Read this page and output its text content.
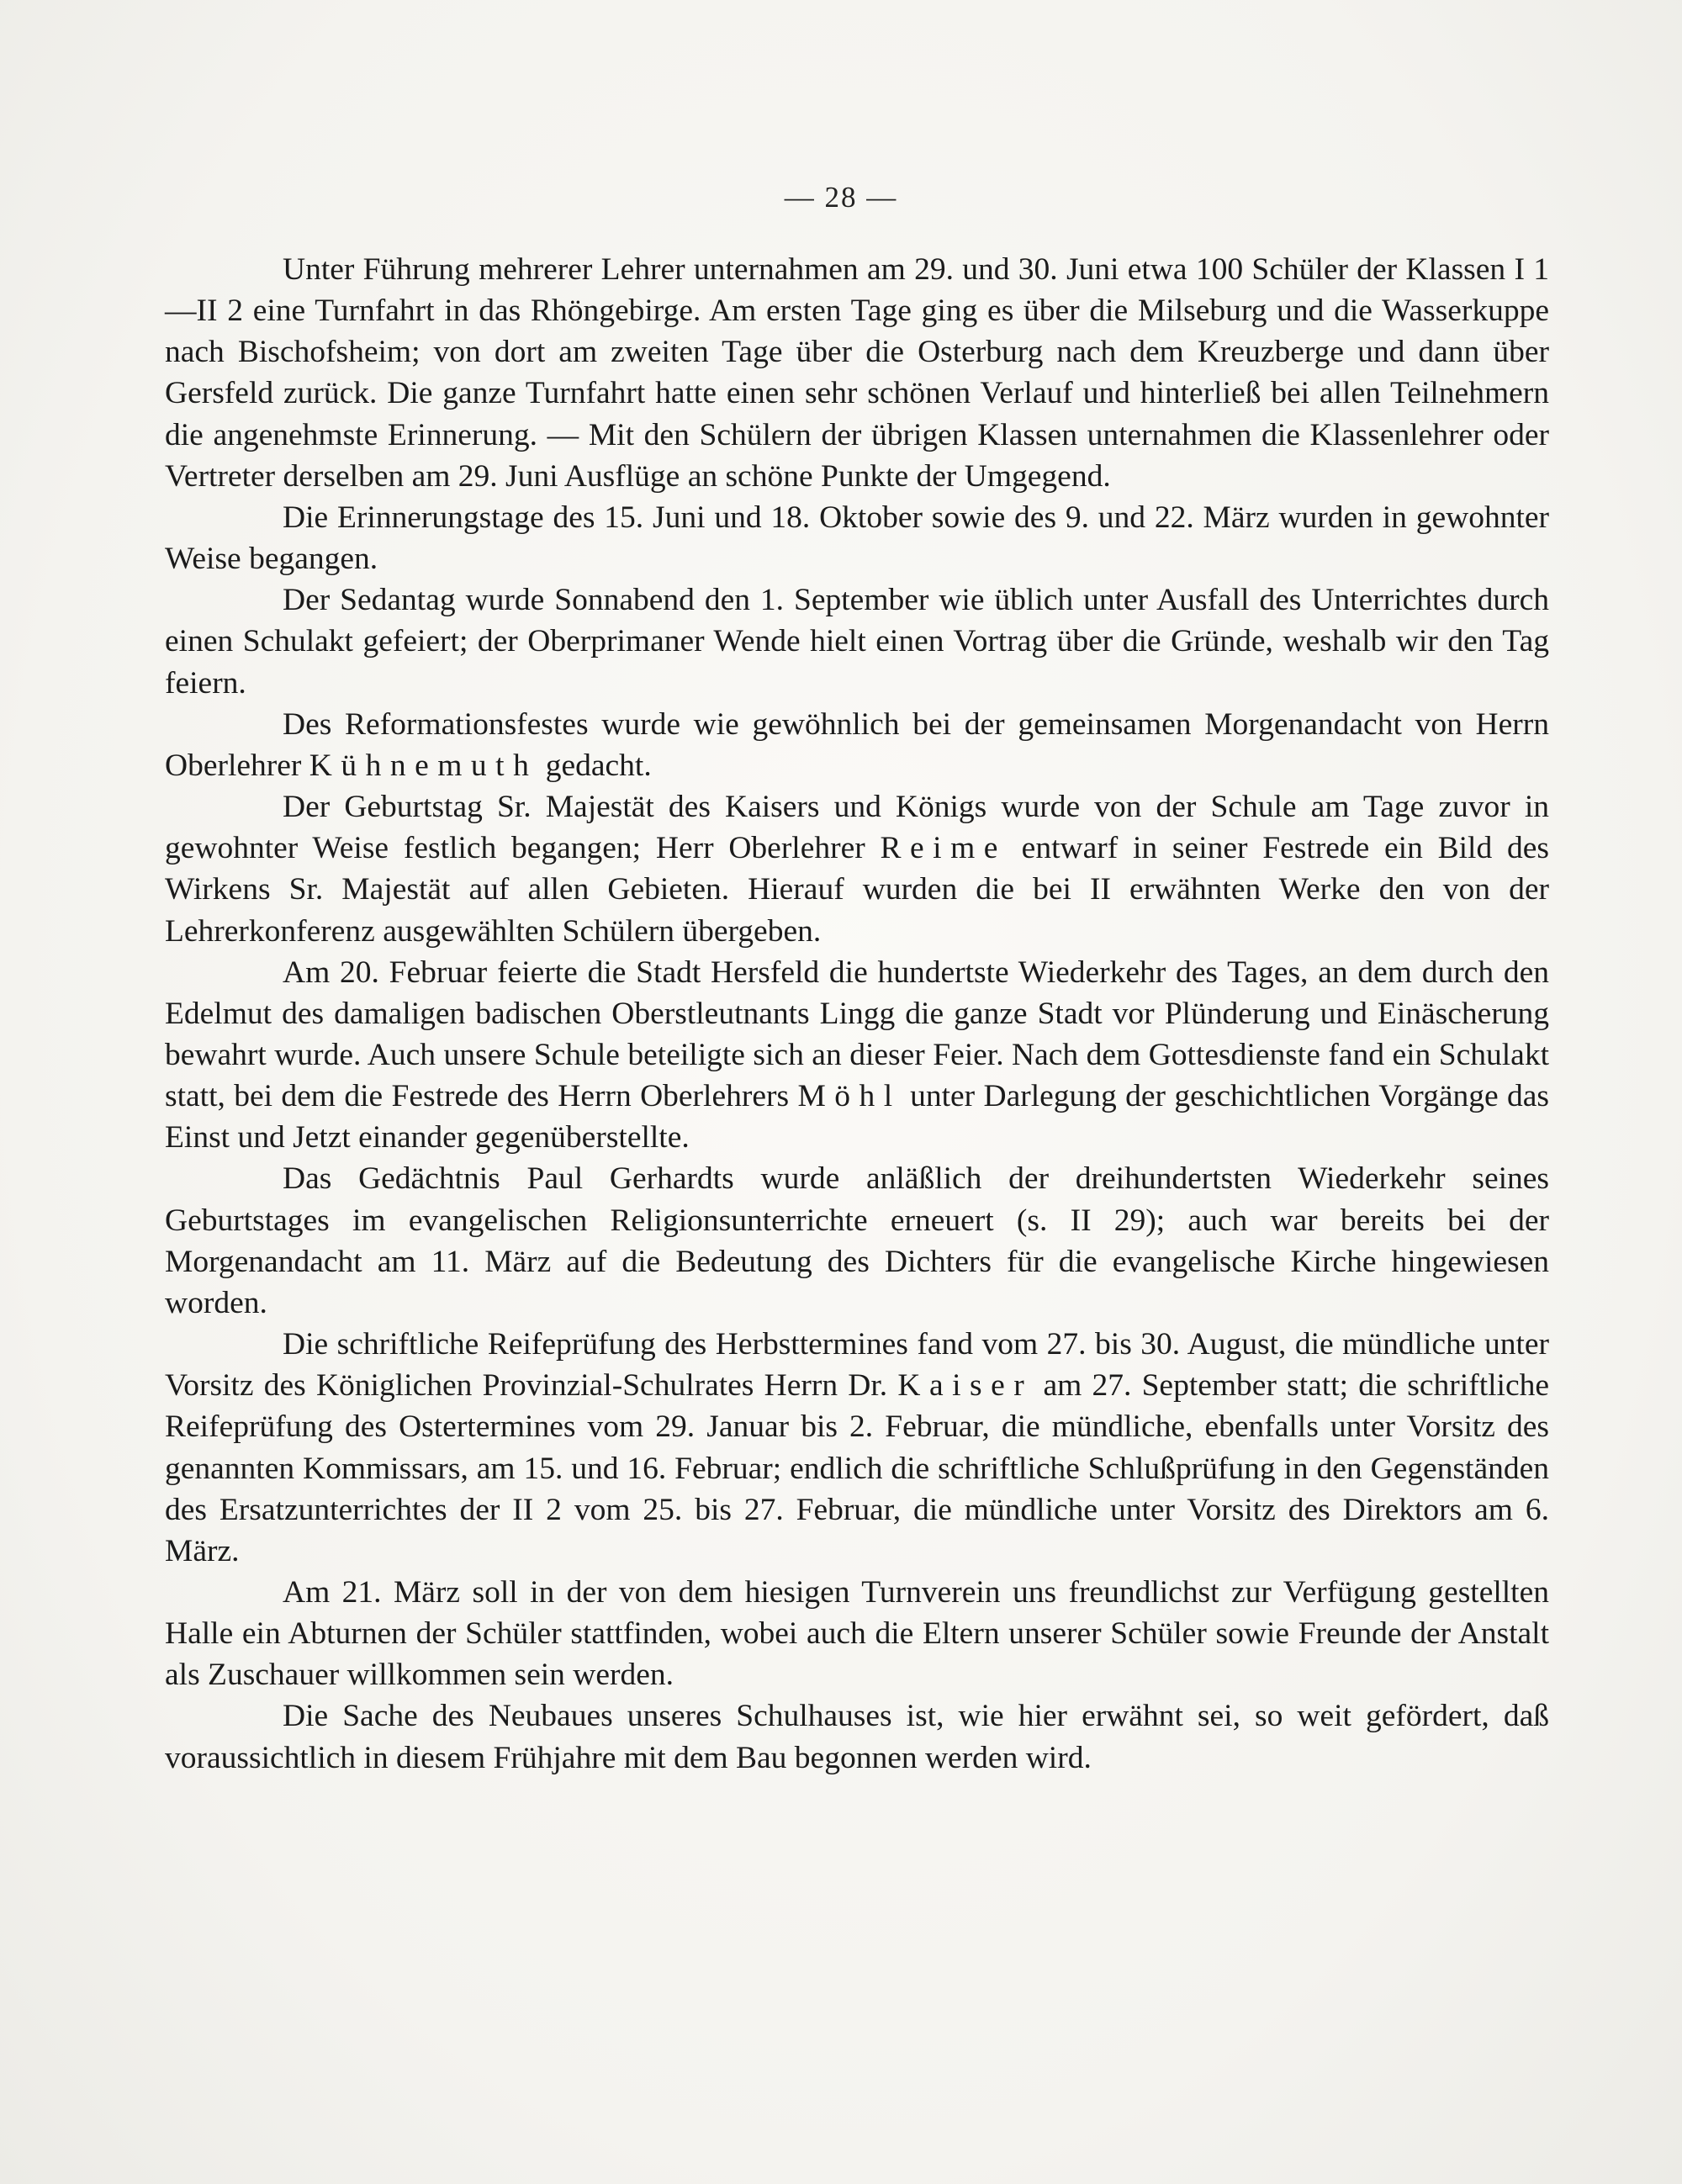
— 28 —

Unter Führung mehrerer Lehrer unternahmen am 29. und 30. Juni etwa 100 Schüler der Klassen I 1—II 2 eine Turnfahrt in das Rhöngebirge. Am ersten Tage ging es über die Milseburg und die Wasserkuppe nach Bischofsheim; von dort am zweiten Tage über die Osterburg nach dem Kreuzberge und dann über Gersfeld zurück. Die ganze Turnfahrt hatte einen sehr schönen Verlauf und hinterließ bei allen Teilnehmern die angenehmste Erinnerung. — Mit den Schülern der übrigen Klassen unternahmen die Klassenlehrer oder Vertreter derselben am 29. Juni Ausflüge an schöne Punkte der Umgegend.

Die Erinnerungstage des 15. Juni und 18. Oktober sowie des 9. und 22. März wurden in gewohnter Weise begangen.

Der Sedantag wurde Sonnabend den 1. September wie üblich unter Ausfall des Unterrichtes durch einen Schulakt gefeiert; der Oberprimaner Wende hielt einen Vortrag über die Gründe, weshalb wir den Tag feiern.

Des Reformationsfestes wurde wie gewöhnlich bei der gemeinsamen Morgenandacht von Herrn Oberlehrer Kühnemuth gedacht.

Der Geburtstag Sr. Majestät des Kaisers und Königs wurde von der Schule am Tage zuvor in gewohnter Weise festlich begangen; Herr Oberlehrer Reime entwarf in seiner Festrede ein Bild des Wirkens Sr. Majestät auf allen Gebieten. Hierauf wurden die bei II erwähnten Werke den von der Lehrerkonferenz ausgewählten Schülern übergeben.

Am 20. Februar feierte die Stadt Hersfeld die hundertste Wiederkehr des Tages, an dem durch den Edelmut des damaligen badischen Oberstleutnants Lingg die ganze Stadt vor Plünderung und Einäscherung bewahrt wurde. Auch unsere Schule beteiligte sich an dieser Feier. Nach dem Gottesdienste fand ein Schulakt statt, bei dem die Festrede des Herrn Oberlehrers Möhl unter Darlegung der geschichtlichen Vorgänge das Einst und Jetzt einander gegenüberstellte.

Das Gedächtnis Paul Gerhardts wurde anläßlich der dreihundertsten Wiederkehr seines Geburtstages im evangelischen Religionsunterrichte erneuert (s. II 29); auch war bereits bei der Morgenandacht am 11. März auf die Bedeutung des Dichters für die evangelische Kirche hingewiesen worden.

Die schriftliche Reifeprüfung des Herbsttermines fand vom 27. bis 30. August, die mündliche unter Vorsitz des Königlichen Provinzial-Schulrates Herrn Dr. Kaiser am 27. September statt; die schriftliche Reifeprüfung des Ostertermines vom 29. Januar bis 2. Februar, die mündliche, ebenfalls unter Vorsitz des genannten Kommissars, am 15. und 16. Februar; endlich die schriftliche Schlußprüfung in den Gegenständen des Ersatzunterrichtes der II 2 vom 25. bis 27. Februar, die mündliche unter Vorsitz des Direktors am 6. März.

Am 21. März soll in der von dem hiesigen Turnverein uns freundlichst zur Verfügung gestellten Halle ein Abturnen der Schüler stattfinden, wobei auch die Eltern unserer Schüler sowie Freunde der Anstalt als Zuschauer willkommen sein werden.

Die Sache des Neubaues unseres Schulhauses ist, wie hier erwähnt sei, so weit gefördert, daß voraussichtlich in diesem Frühjahre mit dem Bau begonnen werden wird.
